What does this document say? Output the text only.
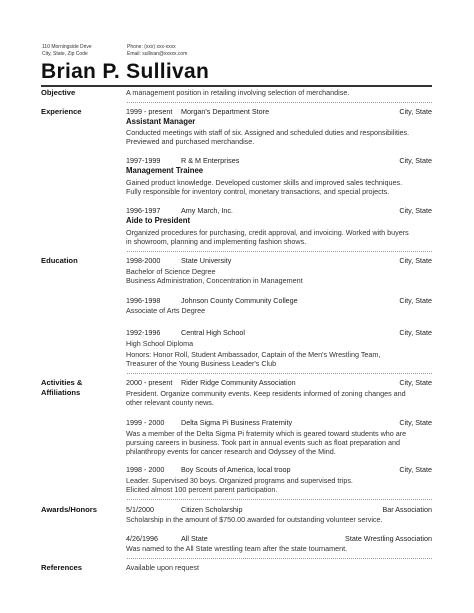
110 Morningside Drive
City, State, Zip Code
Phone: (xxx) xxx-xxxx
Email: sullivan@xxxxx.com
Brian P. Sullivan
Objective	A management position in retailing involving selection of merchandise.
Experience	1999 - present Morgan's Department Store	City, State
Assistant Manager
Conducted meetings with staff of six. Assigned and scheduled duties and responsibilities.
Previewed and purchased merchandise.
1997-1999	R & M Enterprises	City, State
Management Trainee
Gained product knowledge. Developed customer skills and improved sales techniques.
Fully responsible for inventory control, monetary transactions, and special projects.
1996-1997	Amy March, Inc.	City, State
Aide to President
Organized procedures for purchasing, credit approval, and invoicing. Worked with buyers
in showroom, planning and implementing fashion shows.
Education	1998-2000	State University	City, State
Bachelor of Science Degree
Business Administration, Concentration in Management
1996-1998	Johnson County Community College	City, State
Associate of Arts Degree
1992-1996	Central High School	City, State
High School Diploma
Honors: Honor Roll, Student Ambassador, Captain of the Men's Wrestling Team,
Treasurer of the Young Business Leader's Club
Activities &
Affiliations
2000 - present Rider Ridge Community Association	City, State
President. Organize community events. Keep residents informed of zoning changes and
other relevant county news.
1999 - 2000 Delta Sigma Pi Business Fraternity	City, State
Was a member of the Delta Sigma Pi fraternity which is geared toward students who are
pursuing careers in business. Took part in annual events such as float preparation and
philanthropy events for cancer research and Odyssey of the Mind.
1998 - 2000 Boy Scouts of America, local troop	City, State
Leader. Supervised 30 boys. Organized programs and supervised trips.
Elicited almost 100 percent parent participation.
Awards/Honors	5/1/2000	Citizen Scholarship	Bar Association
Scholarship in the amount of $750.00 awarded for outstanding volunteer service.
4/26/1996	All State	State Wrestling Association
Was named to the All State wrestling team after the state tournament.
References	Available upon request
